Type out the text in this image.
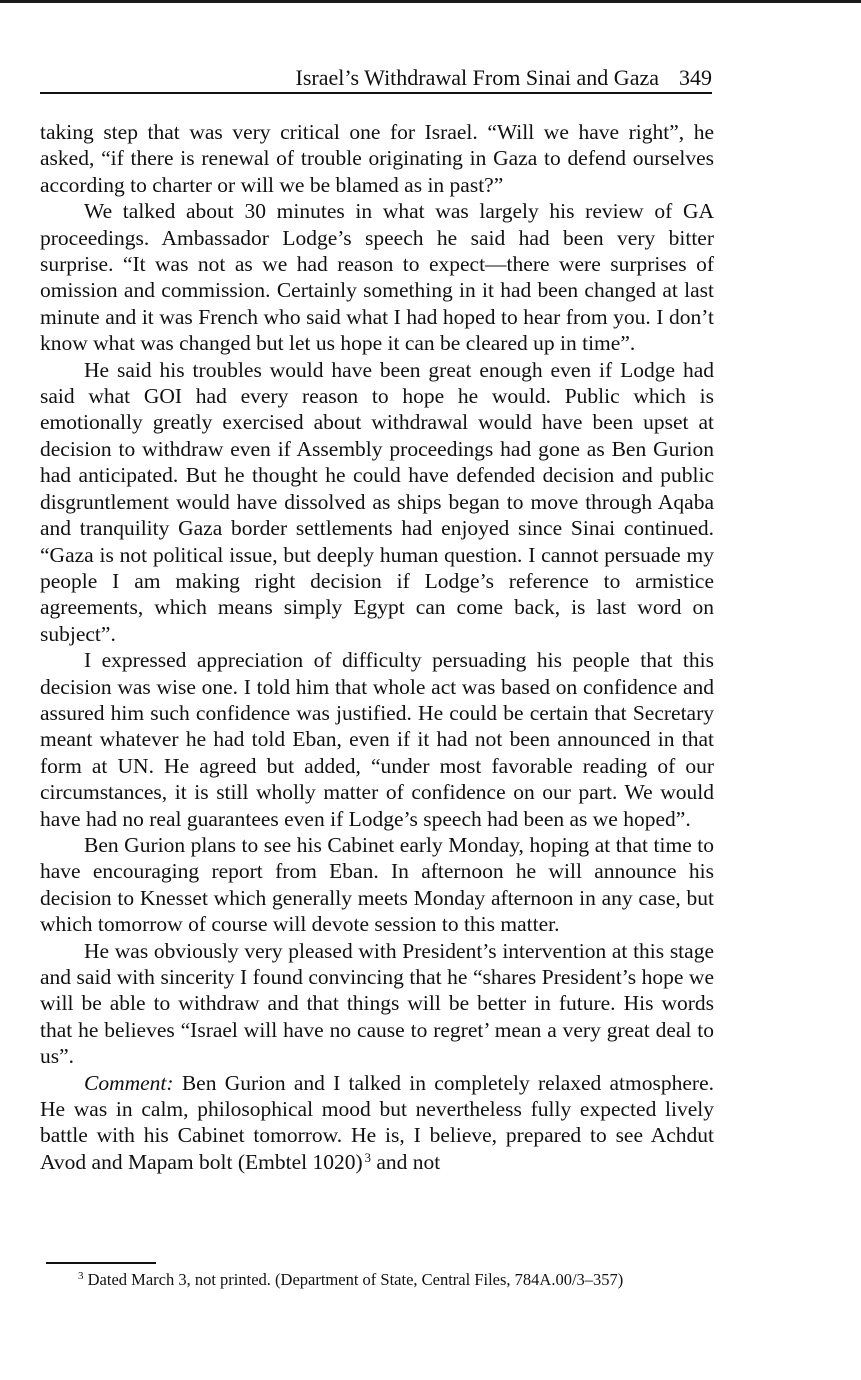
Israel’s Withdrawal From Sinai and Gaza 349

taking step that was very critical one for Israel. “Will we have right”, he asked, “if there is renewal of trouble originating in Gaza to defend ourselves according to charter or will we be blamed as in past?”

We talked about 30 minutes in what was largely his review of GA proceedings. Ambassador Lodge’s speech he said had been very bitter surprise. “It was not as we had reason to expect—there were surprises of omission and commission. Certainly something in it had been changed at last minute and it was French who said what I had hoped to hear from you. I don’t know what was changed but let us hope it can be cleared up in time”.

He said his troubles would have been great enough even if Lodge had said what GOI had every reason to hope he would. Public which is emotionally greatly exercised about withdrawal would have been upset at decision to withdraw even if Assembly proceedings had gone as Ben Gurion had anticipated. But he thought he could have defended decision and public disgruntlement would have dissolved as ships began to move through Aqaba and tranquility Gaza border settlements had enjoyed since Sinai continued. “Gaza is not political issue, but deeply human question. I cannot persuade my people I am making right decision if Lodge’s reference to armistice agreements, which means simply Egypt can come back, is last word on subject”.

I expressed appreciation of difficulty persuading his people that this decision was wise one. I told him that whole act was based on confidence and assured him such confidence was justified. He could be certain that Secretary meant whatever he had told Eban, even if it had not been announced in that form at UN. He agreed but added, “under most favorable reading of our circumstances, it is still wholly matter of confidence on our part. We would have had no real guarantees even if Lodge’s speech had been as we hoped”.

Ben Gurion plans to see his Cabinet early Monday, hoping at that time to have encouraging report from Eban. In afternoon he will announce his decision to Knesset which generally meets Monday afternoon in any case, but which tomorrow of course will devote session to this matter.

He was obviously very pleased with President’s intervention at this stage and said with sincerity I found convincing that he “shares President’s hope we will be able to withdraw and that things will be better in future. His words that he believes “Israel will have no cause to regret’ mean a very great deal to us”.

Comment: Ben Gurion and I talked in completely relaxed atmosphere. He was in calm, philosophical mood but nevertheless fully expected lively battle with his Cabinet tomorrow. He is, I believe, prepared to see Achdut Avod and Mapam bolt (Embtel 1020)  $^3$ and not

$^3$ Dated March 3, not printed. (Department of State, Central Files, 784A.00/3–357)
